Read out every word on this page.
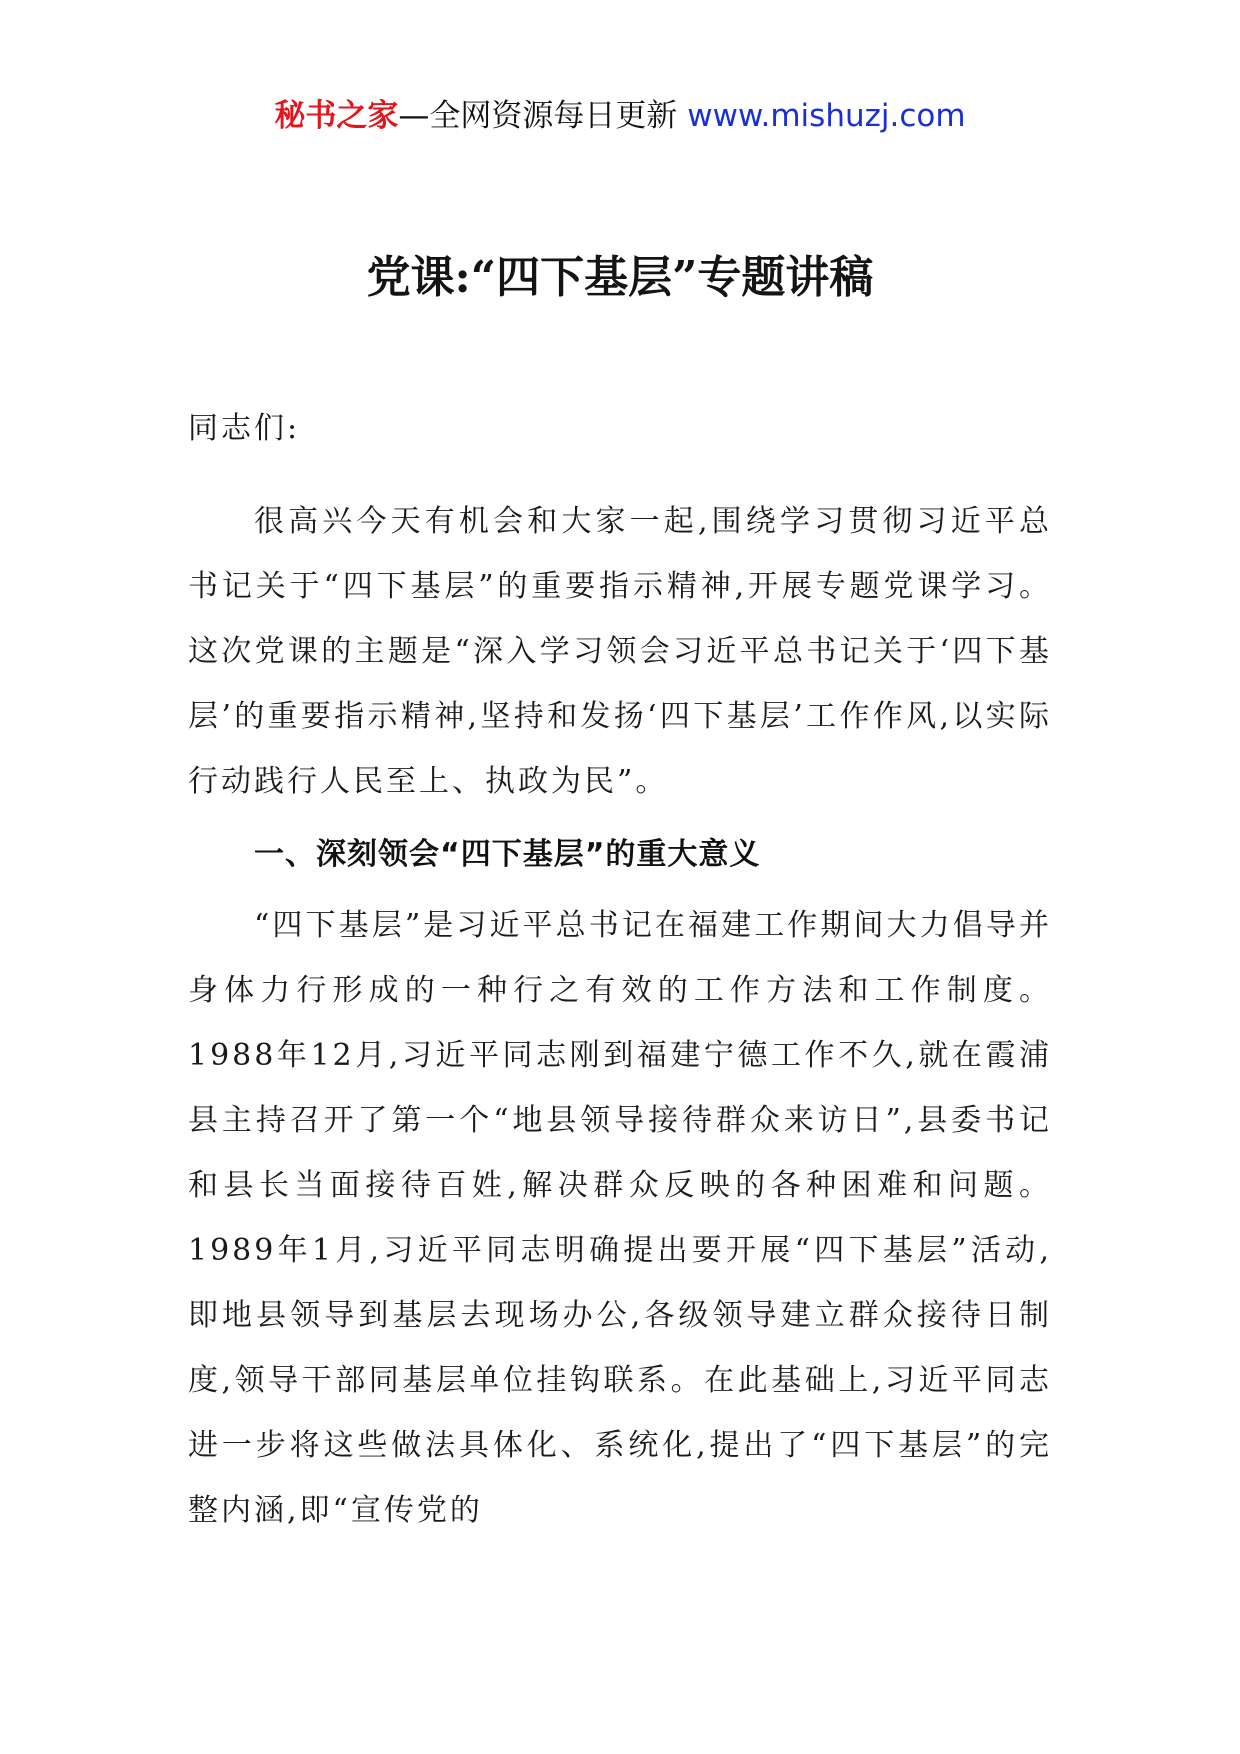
秘书之家—全网资源每日更新 www.mishuzj.com
党课:“四下基层”专题讲稿

同志们:

很高兴今天有机会和大家一起,围绕学习贯彻习近平总书记关于“四下基层”的重要指示精神,开展专题党课学习。这次党课的主题是“深入学习领会习近平总书记关于‘四下基层’的重要指示精神,坚持和发扬‘四下基层’工作作风,以实际行动践行人民至上、执政为民”。

一、深刻领会“四下基层”的重大意义

“四下基层”是习近平总书记在福建工作期间大力倡导并身体力行形成的一种行之有效的工作方法和工作制度。1988年12月,习近平同志刚到福建宁德工作不久,就在霞浦县主持召开了第一个“地县领导接待群众来访日”,县委书记和县长当面接待百姓,解决群众反映的各种困难和问题。1989年1月,习近平同志明确提出要开展“四下基层”活动,即地县领导到基层去现场办公,各级领导建立群众接待日制度,领导干部同基层单位挂钩联系。在此基础上,习近平同志进一步将这些做法具体化、系统化,提出了“四下基层”的完整内涵,即“宣传党的
